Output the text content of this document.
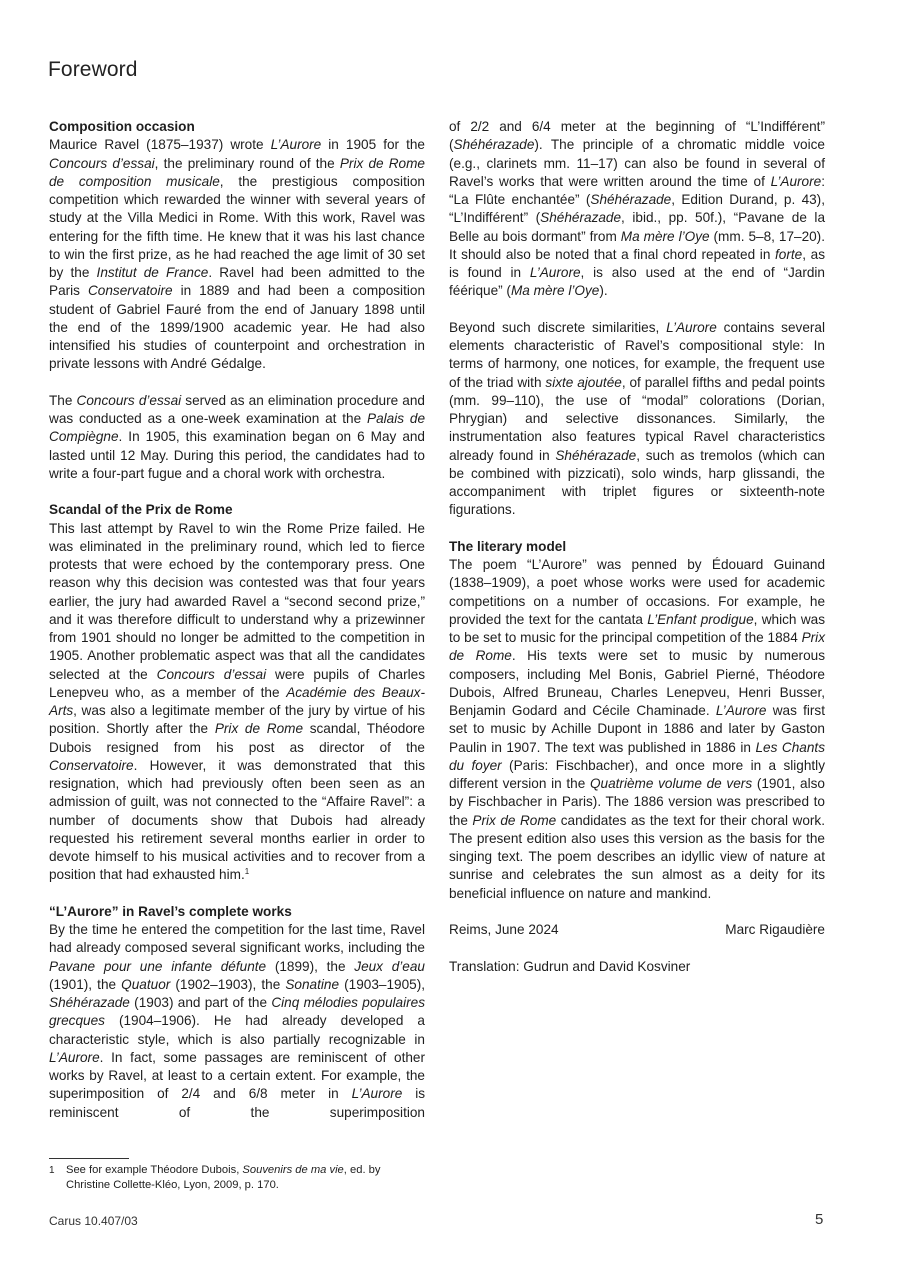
Foreword
Composition occasion

Maurice Ravel (1875–1937) wrote L’Aurore in 1905 for the Concours d’essai, the preliminary round of the Prix de Rome de composition musicale, the prestigious composition competition which rewarded the winner with several years of study at the Villa Medici in Rome. With this work, Ravel was entering for the fifth time. He knew that it was his last chance to win the first prize, as he had reached the age limit of 30 set by the Institut de France. Ravel had been admitted to the Paris Conservatoire in 1889 and had been a composition student of Gabriel Fauré from the end of January 1898 until the end of the 1899/1900 academic year. He had also intensified his studies of counterpoint and orchestration in private lessons with André Gédalge.

The Concours d’essai served as an elimination procedure and was conducted as a one-week examination at the Palais de Compiègne. In 1905, this examination began on 6 May and lasted until 12 May. During this period, the candidates had to write a four-part fugue and a choral work with orchestra.

Scandal of the Prix de Rome

This last attempt by Ravel to win the Rome Prize failed. He was eliminated in the preliminary round, which led to fierce protests that were echoed by the contemporary press. One reason why this decision was contested was that four years earlier, the jury had awarded Ravel a “second second prize,” and it was therefore difficult to understand why a prizewinner from 1901 should no longer be admitted to the competition in 1905. Another problematic aspect was that all the candidates selected at the Concours d’essai were pupils of Charles Lenepveu who, as a member of the Académie des Beaux-Arts, was also a legitimate member of the jury by virtue of his position. Shortly after the Prix de Rome scandal, Théodore Dubois resigned from his post as director of the Conservatoire. However, it was demonstrated that this resignation, which had previously often been seen as an admission of guilt, was not connected to the “Affaire Ravel”: a number of documents show that Dubois had already requested his retirement several months earlier in order to devote himself to his musical activities and to recover from a position that had exhausted him.$^1$

“L’Aurore” in Ravel’s complete works

By the time he entered the competition for the last time, Ravel had already composed several significant works, including the Pavane pour une infante défunte (1899), the Jeux d’eau (1901), the Quatuor (1902–1903), the Sonatine (1903–1905), Shéhérazade (1903) and part of the Cinq mélodies populaires grecques (1904–1906). He had already developed a characteristic style, which is also partially recognizable in L’Aurore. In fact, some passages are reminiscent of other works by Ravel, at least to a certain extent. For example, the superimposition of 2/4 and 6/8 meter in L’Aurore is reminiscent of the superimposition

of 2/2 and 6/4 meter at the beginning of “L’Indifférent” (Shéhérazade). The principle of a chromatic middle voice (e.g., clarinets mm. 11–17) can also be found in several of Ravel’s works that were written around the time of L’Aurore: “La Flûte enchantée” (Shéhérazade, Edition Durand, p. 43), “L’Indifférent” (Shéhérazade, ibid., pp. 50f.), “Pavane de la Belle au bois dormant” from Ma mère l’Oye (mm. 5–8, 17–20). It should also be noted that a final chord repeated in forte, as is found in L’Aurore, is also used at the end of “Jardin féérique” (Ma mère l’Oye).

Beyond such discrete similarities, L’Aurore contains several elements characteristic of Ravel’s compositional style: In terms of harmony, one notices, for example, the frequent use of the triad with sixte ajoutée, of parallel fifths and pedal points (mm. 99–110), the use of “modal” colorations (Dorian, Phrygian) and selective dissonances. Similarly, the instrumentation also features typical Ravel characteristics already found in Shéhérazade, such as tremolos (which can be combined with pizzicati), solo winds, harp glissandi, the accompaniment with triplet figures or sixteenth-note figurations.

The literary model

The poem “L’Aurore” was penned by Édouard Guinand (1838–1909), a poet whose works were used for academic competitions on a number of occasions. For example, he provided the text for the cantata L’Enfant prodigue, which was to be set to music for the principal competition of the 1884 Prix de Rome. His texts were set to music by numerous composers, including Mel Bonis, Gabriel Pierné, Théodore Dubois, Alfred Bruneau, Charles Lenepveu, Henri Busser, Benjamin Godard and Cécile Chaminade. L’Aurore was first set to music by Achille Dupont in 1886 and later by Gaston Paulin in 1907. The text was published in 1886 in Les Chants du foyer (Paris: Fischbacher), and once more in a slightly different version in the Quatrième volume de vers (1901, also by Fischbacher in Paris). The 1886 version was prescribed to the Prix de Rome candidates as the text for their choral work. The present edition also uses this version as the basis for the singing text. The poem describes an idyllic view of nature at sunrise and celebrates the sun almost as a deity for its beneficial influence on nature and mankind.

Reims, June 2024	Marc Rigaudière
Translation: Gudrun and David Kosviner
1	See for example Théodore Dubois, Souvenirs de ma vie, ed. by Christine Collette-Kléo, Lyon, 2009, p. 170.
Carus 10.407/03	5
